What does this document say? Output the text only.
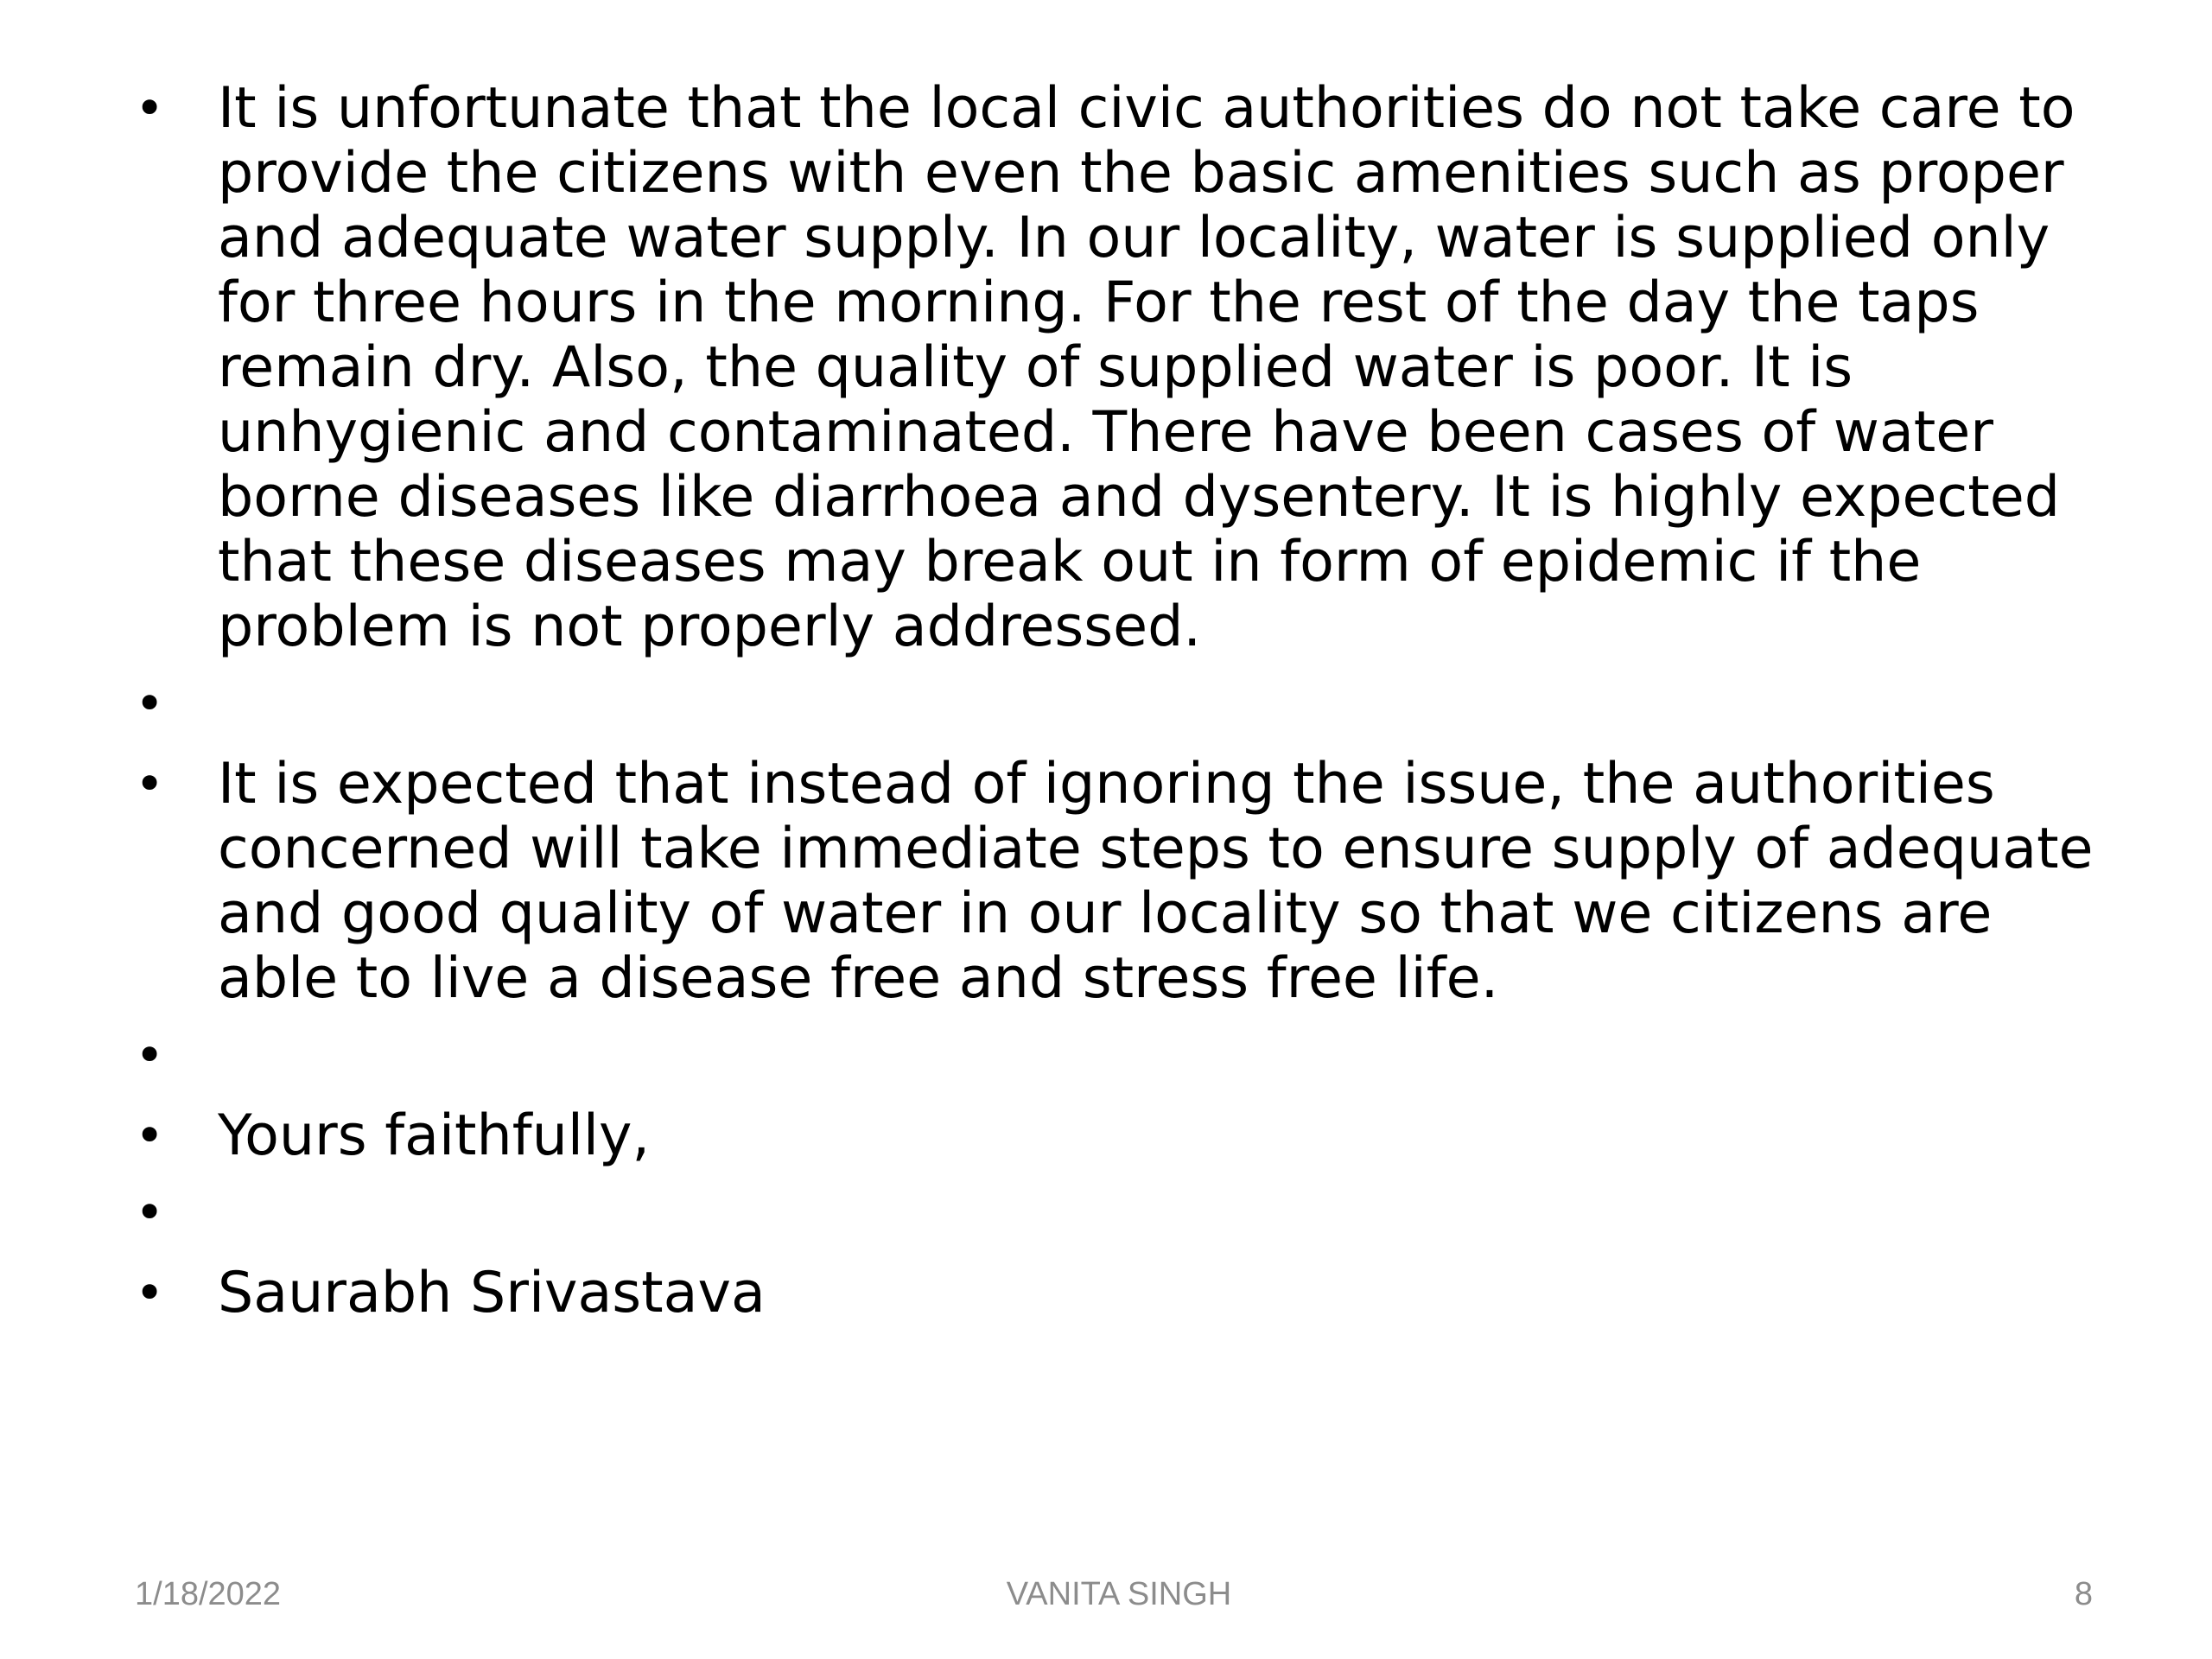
• It is unfortunate that the local civic authorities do not take care to provide the citizens with even the basic amenities such as proper and adequate water supply. In our locality, water is supplied only for three hours in the morning. For the rest of the day the taps remain dry. Also, the quality of supplied water is poor. It is unhygienic and contaminated. There have been cases of water borne diseases like diarrhoea and dysentery. It is highly expected that these diseases may break out in form of epidemic if the problem is not properly addressed.
•
• It is expected that instead of ignoring the issue, the authorities concerned will take immediate steps to ensure supply of adequate and good quality of water in our locality so that we citizens are able to live a disease free and stress free life.
•
• Yours faithfully,
•
• Saurabh Srivastava
VANITA SINGH
1/18/2022	8
